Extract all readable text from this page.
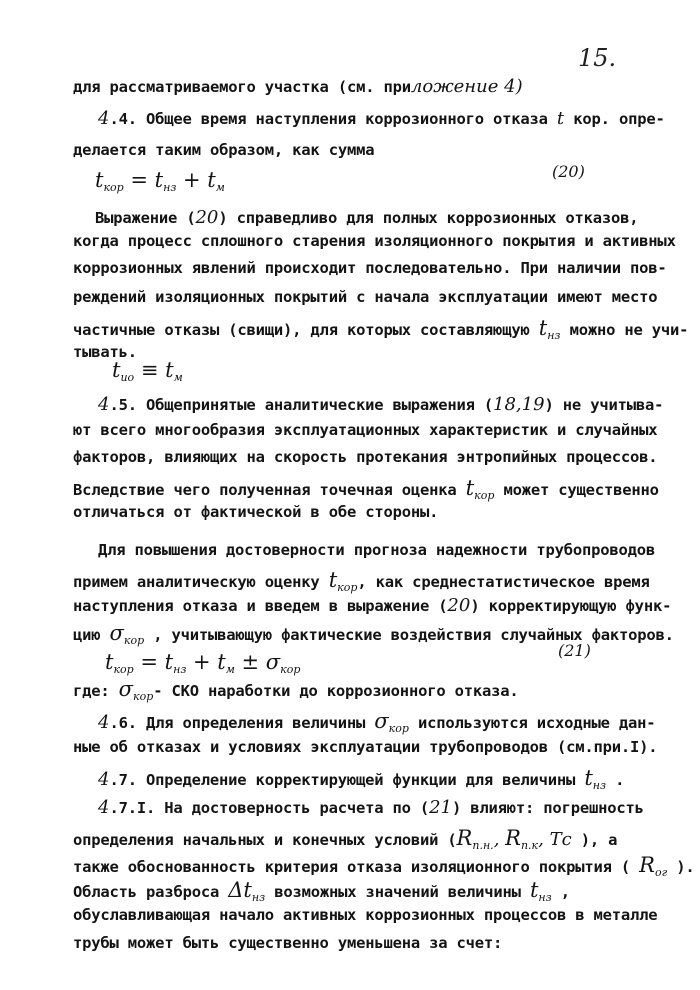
15.
для рассматриваемого участка (см. приложение 4)
4.4. Общее время наступления коррозионного отказа t кор. опре-
делается таким образом, как сумма
$t_{кор} = t_{нз} + t_м$
Выражение (20) справедливо для полных коррозионных отказов,
когда процесс сплошного старения изоляционного покрытия и активных
коррозионных явлений происходит последовательно. При наличии пов-
реждений изоляционных покрытий с начала эксплуатации имеют место
частичные отказы (свищи), для которых составляющую $t_{нз}$ можно не учи-
тывать.
$t_{ио} \equiv t_м$
4.5. Общепринятые аналитические выражения (18,19) не учитыва-
ют всего многообразия эксплуатационных характеристик и случайных
факторов, влияющих на скорость протекания энтропийных процессов.
Вследствие чего полученная точечная оценка $t_{кор}$ может существенно
отличаться от фактической в обе стороны.
Для повышения достоверности прогноза надежности трубопроводов
примем аналитическую оценку $t_{кор}$, как среднестатистическое время
наступления отказа и введем в выражение (20) корректирующую функ-
цию $\sigma_{кор}$ , учитывающую фактические воздействия случайных факторов.
$t_{кор} = t_{нз} + t_м \pm \sigma_{кор}$
где: $\sigma_{кор}-$ СКО наработки до коррозионного отказа.
4.6. Для определения величины $\sigma_{кор}$ используются исходные дан-
ные об отказах и условиях эксплуатации трубопроводов (см.при.I).
4.7. Определение корректирующей функции для величины $t_{нз}$ .
4.7.I. На достоверность расчета по (21) влияют: погрешность
определения начальных и конечных условий ($R_{п.н.}$, $R_{п.к}$, Тс ), а
также обоснованность критерия отказа изоляционного покрытия ( $R_{ог}$ ).
Область разброса $\Delta t_{нз}$ возможных значений величины $t_{нз}$ ,
обуславливающая начало активных коррозионных процессов в металле
трубы может быть существенно уменьшена за счет:
(20)
(21)
